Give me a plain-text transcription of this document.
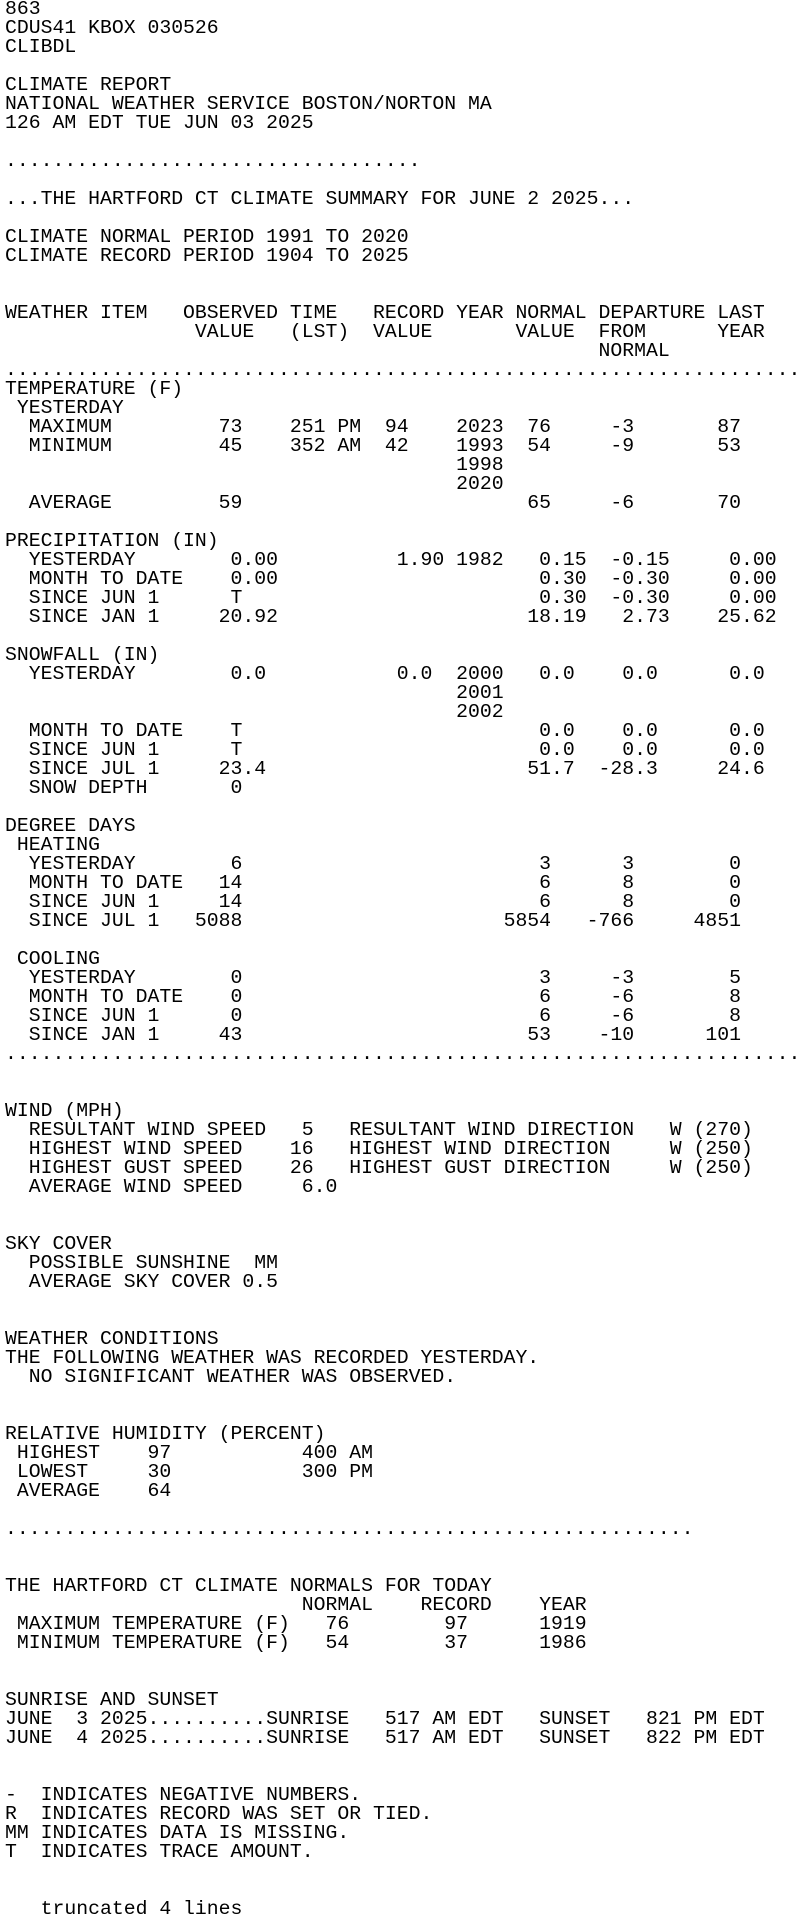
863
CDUS41 KBOX 030526
CLIBDL
CLIMATE REPORT
NATIONAL WEATHER SERVICE BOSTON/NORTON MA
126 AM EDT TUE JUN 03 2025
...................................
...THE HARTFORD CT CLIMATE SUMMARY FOR JUNE 2 2025...
CLIMATE NORMAL PERIOD 1991 TO 2020
CLIMATE RECORD PERIOD 1904 TO 2025
WEATHER ITEM   OBSERVED TIME   RECORD YEAR NORMAL DEPARTURE LAST
VALUE   (LST)  VALUE       VALUE  FROM      YEAR
NORMAL
...................................................................
TEMPERATURE (F)
YESTERDAY
MAXIMUM         73    251 PM  94    2023  76     -3       87
MINIMUM         45    352 AM  42    1993  54     -9       53
1998
2020
AVERAGE         59                        65     -6       70
PRECIPITATION (IN)
YESTERDAY        0.00          1.90 1982   0.15  -0.15     0.00
MONTH TO DATE    0.00                      0.30  -0.30     0.00
SINCE JUN 1      T                         0.30  -0.30     0.00
SINCE JAN 1     20.92                     18.19   2.73    25.62
SNOWFALL (IN)
YESTERDAY        0.0           0.0  2000   0.0    0.0      0.0
2001
2002
MONTH TO DATE    T                         0.0    0.0      0.0
SINCE JUN 1      T                         0.0    0.0      0.0
SINCE JUL 1     23.4                      51.7  -28.3     24.6
SNOW DEPTH       0
DEGREE DAYS
HEATING
YESTERDAY        6                         3      3        0
MONTH TO DATE   14                         6      8        0
SINCE JUN 1     14                         6      8        0
SINCE JUL 1   5088                      5854   -766     4851
COOLING
YESTERDAY        0                         3     -3        5
MONTH TO DATE    0                         6     -6        8
SINCE JUN 1      0                         6     -6        8
SINCE JAN 1     43                        53    -10      101
...................................................................
WIND (MPH)
RESULTANT WIND SPEED   5   RESULTANT WIND DIRECTION   W (270)
HIGHEST WIND SPEED    16   HIGHEST WIND DIRECTION     W (250)
HIGHEST GUST SPEED    26   HIGHEST GUST DIRECTION     W (250)
AVERAGE WIND SPEED     6.0
SKY COVER
POSSIBLE SUNSHINE  MM
AVERAGE SKY COVER 0.5
WEATHER CONDITIONS
THE FOLLOWING WEATHER WAS RECORDED YESTERDAY.
NO SIGNIFICANT WEATHER WAS OBSERVED.
RELATIVE HUMIDITY (PERCENT)
HIGHEST    97           400 AM
LOWEST     30           300 PM
AVERAGE    64
..........................................................
THE HARTFORD CT CLIMATE NORMALS FOR TODAY
NORMAL    RECORD    YEAR
MAXIMUM TEMPERATURE (F)   76        97      1919
MINIMUM TEMPERATURE (F)   54        37      1986
SUNRISE AND SUNSET
JUNE  3 2025..........SUNRISE   517 AM EDT   SUNSET   821 PM EDT
JUNE  4 2025..........SUNRISE   517 AM EDT   SUNSET   822 PM EDT
-  INDICATES NEGATIVE NUMBERS.
R  INDICATES RECORD WAS SET OR TIED.
MM INDICATES DATA IS MISSING.
T  INDICATES TRACE AMOUNT.
truncated 4 lines
